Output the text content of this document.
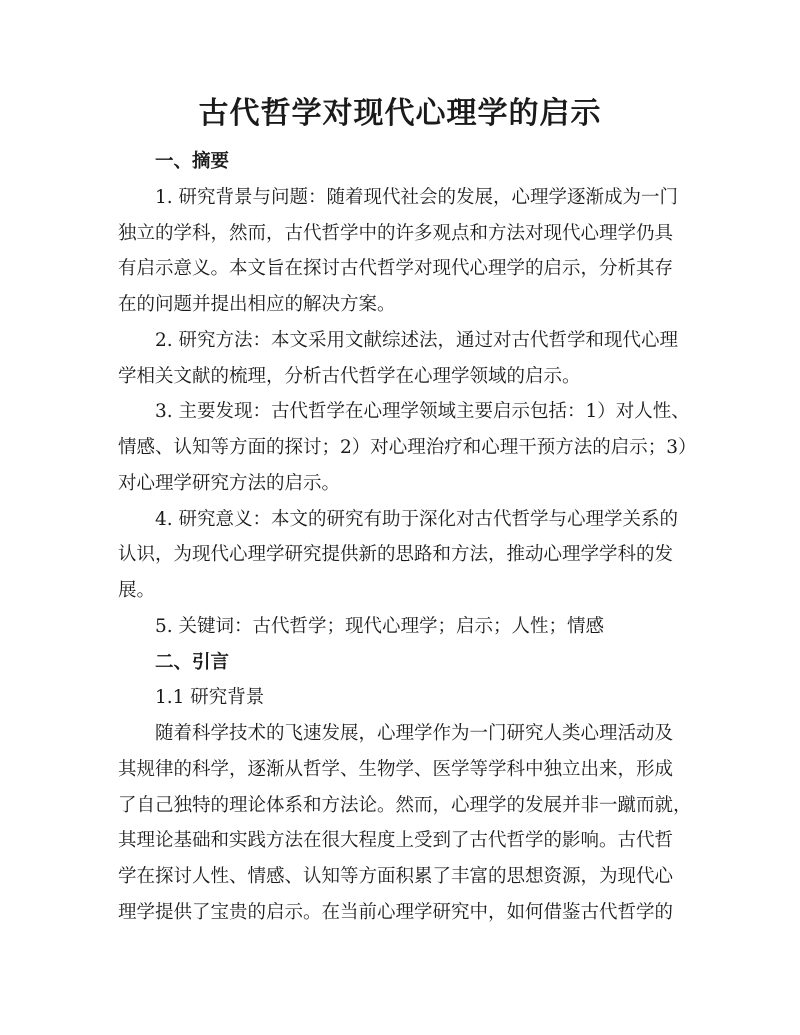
古代哲学对现代心理学的启示
一、摘要
1. 研究背景与问题：随着现代社会的发展，心理学逐渐成为一门
独立的学科，然而，古代哲学中的许多观点和方法对现代心理学仍具
有启示意义。本文旨在探讨古代哲学对现代心理学的启示，分析其存
在的问题并提出相应的解决方案。
2. 研究方法：本文采用文献综述法，通过对古代哲学和现代心理
学相关文献的梳理，分析古代哲学在心理学领域的启示。
3. 主要发现：古代哲学在心理学领域主要启示包括：1）对人性、
情感、认知等方面的探讨；2）对心理治疗和心理干预方法的启示；3）
对心理学研究方法的启示。
4. 研究意义：本文的研究有助于深化对古代哲学与心理学关系的
认识，为现代心理学研究提供新的思路和方法，推动心理学学科的发
展。
5. 关键词：古代哲学；现代心理学；启示；人性；情感
二、引言
1.1 研究背景
随着科学技术的飞速发展，心理学作为一门研究人类心理活动及
其规律的科学，逐渐从哲学、生物学、医学等学科中独立出来，形成
了自己独特的理论体系和方法论。然而，心理学的发展并非一蹴而就，
其理论基础和实践方法在很大程度上受到了古代哲学的影响。古代哲
学在探讨人性、情感、认知等方面积累了丰富的思想资源，为现代心
理学提供了宝贵的启示。在当前心理学研究中，如何借鉴古代哲学的
